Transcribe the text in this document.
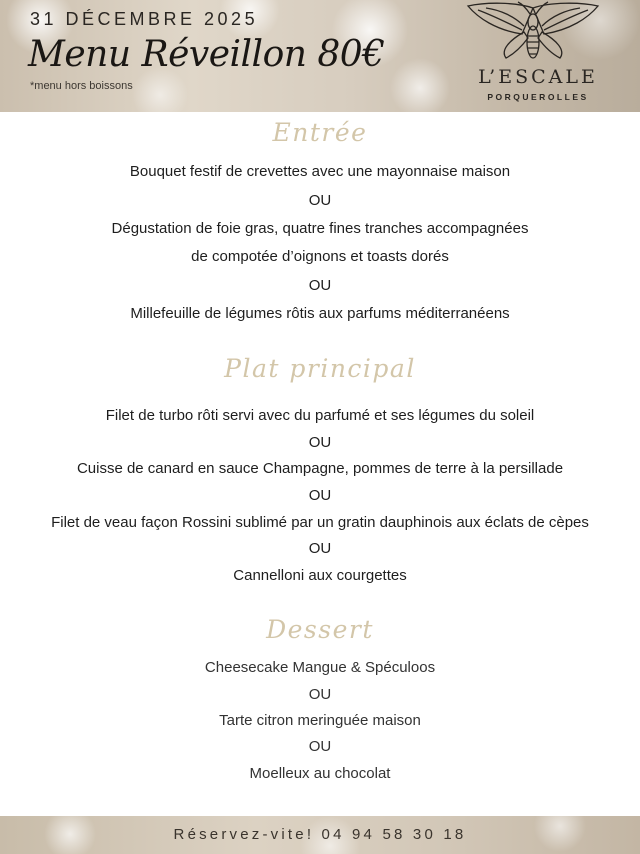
31 DÉCEMBRE 2025
Menu Réveillon 80€
*menu hors boissons	L’ESCALE
PORQUEROLLES
Entrée
Bouquet festif de crevettes avec une mayonnaise maison
OU
Dégustation de foie gras, quatre fines tranches accompagnées
de compotée d’oignons et toasts dorés
OU
Millefeuille de légumes rôtis aux parfums méditerranéens
Plat principal
Filet de turbo rôti servi avec du parfumé et ses légumes du soleil
OU
Cuisse de canard en sauce Champagne, pommes de terre à la persillade
OU
Filet de veau façon Rossini sublimé par un gratin dauphinois aux éclats de cèpes
OU
Cannelloni aux courgettes
Dessert
Cheesecake Mangue & Spéculoos
OU
Tarte citron meringuée maison
OU
Moelleux au chocolat
Réservez-vite! 04 94 58 30 18
